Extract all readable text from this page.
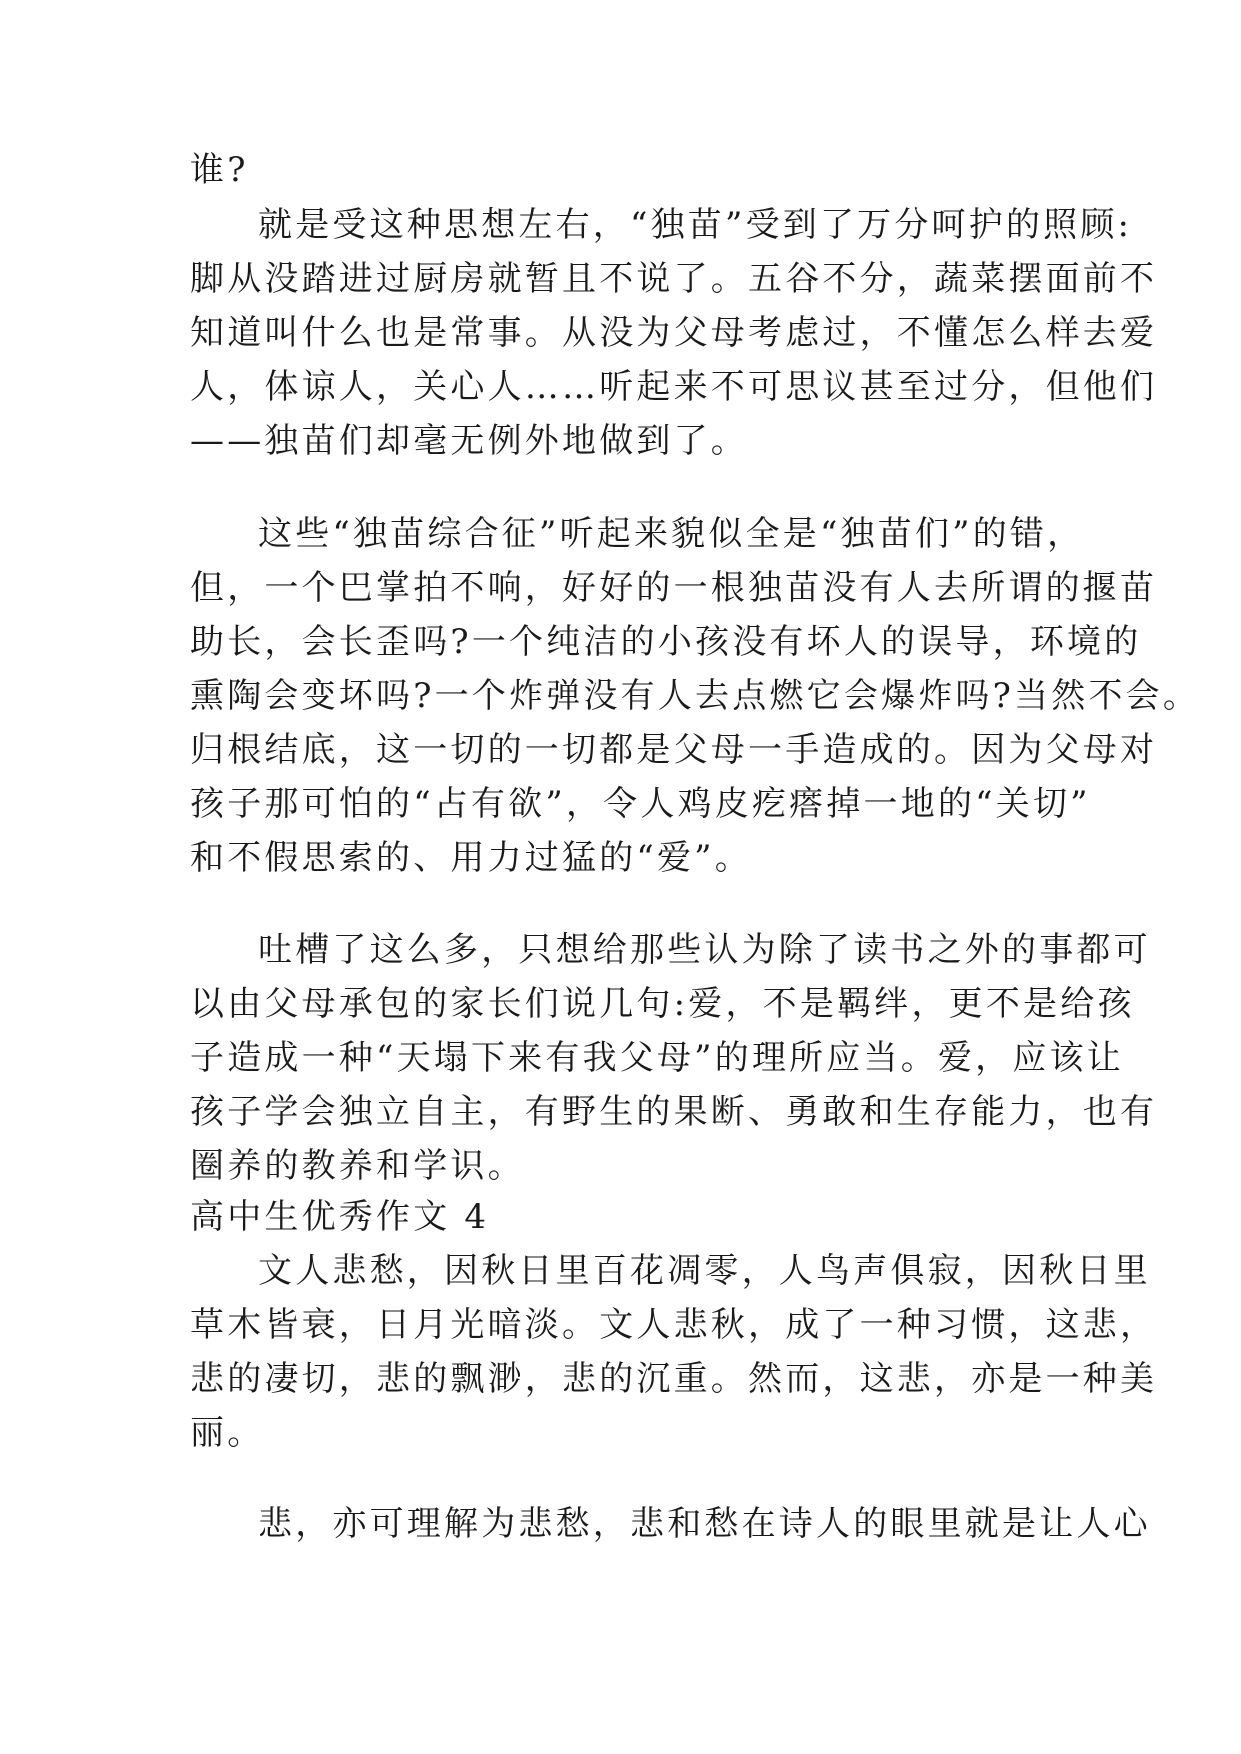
谁?
就是受这种思想左右，“独苗”受到了万分呵护的照顾:
脚从没踏进过厨房就暂且不说了。五谷不分，蔬菜摆面前不
知道叫什么也是常事。从没为父母考虑过，不懂怎么样去爱
人，体谅人，关心人……听起来不可思议甚至过分，但他们
——独苗们却毫无例外地做到了。
这些“独苗综合征”听起来貌似全是“独苗们”的错，
但，一个巴掌拍不响，好好的一根独苗没有人去所谓的揠苗
助长，会长歪吗?一个纯洁的小孩没有坏人的误导，环境的
熏陶会变坏吗?一个炸弹没有人去点燃它会爆炸吗?当然不会。
归根结底，这一切的一切都是父母一手造成的。因为父母对
孩子那可怕的“占有欲”，令人鸡皮疙瘩掉一地的“关切”
和不假思索的、用力过猛的“爱”。
吐槽了这么多，只想给那些认为除了读书之外的事都可
以由父母承包的家长们说几句:爱，不是羁绊，更不是给孩
子造成一种“天塌下来有我父母”的理所应当。爱，应该让
孩子学会独立自主，有野生的果断、勇敢和生存能力，也有
圈养的教养和学识。
高中生优秀作文 4
文人悲愁，因秋日里百花凋零，人鸟声俱寂，因秋日里
草木皆衰，日月光暗淡。文人悲秋，成了一种习惯，这悲，
悲的凄切，悲的飘渺，悲的沉重。然而，这悲，亦是一种美
丽。
悲，亦可理解为悲愁，悲和愁在诗人的眼里就是让人心
